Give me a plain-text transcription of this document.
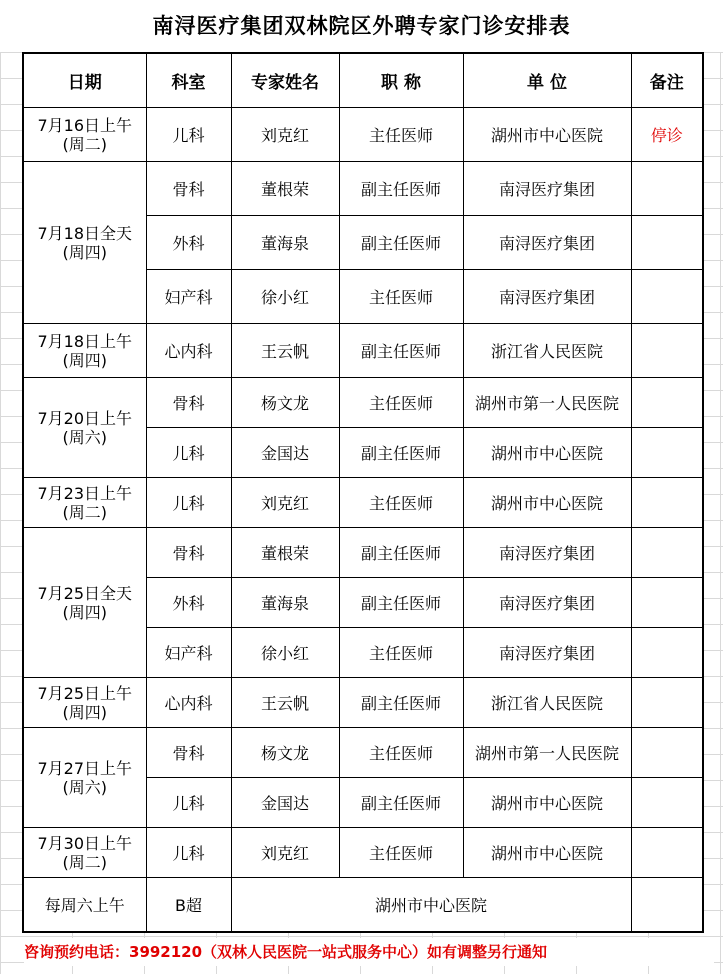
南浔医疗集团双林院区外聘专家门诊安排表
日期	科室	专家姓名	职 称	单 位	备注

7月16日上午
(周二)	儿科	刘克红	主任医师	湖州市中心医院	停诊

7月18日全天
(周四)	骨科	董根荣	副主任医师	南浔医疗集团	
	外科	董海泉	副主任医师	南浔医疗集团	
	妇产科	徐小红	主任医师	南浔医疗集团	

7月18日上午
(周四)	心内科	王云帆	副主任医师	浙江省人民医院	

7月20日上午
(周六)	骨科	杨文龙	主任医师	湖州市第一人民医院	
	儿科	金国达	副主任医师	湖州市中心医院	

7月23日上午
(周二)	儿科	刘克红	主任医师	湖州市中心医院	

7月25日全天
(周四)	骨科	董根荣	副主任医师	南浔医疗集团	
	外科	董海泉	副主任医师	南浔医疗集团	
	妇产科	徐小红	主任医师	南浔医疗集团	

7月25日上午
(周四)	心内科	王云帆	副主任医师	浙江省人民医院	

7月27日上午
(周六)	骨科	杨文龙	主任医师	湖州市第一人民医院	
	儿科	金国达	副主任医师	湖州市中心医院	

7月30日上午
(周二)	儿科	刘克红	主任医师	湖州市中心医院	
每周六上午	B超	湖州市中心医院			
咨询预约电话：3992120（双林人民医院一站式服务中心）如有调整另行通知
